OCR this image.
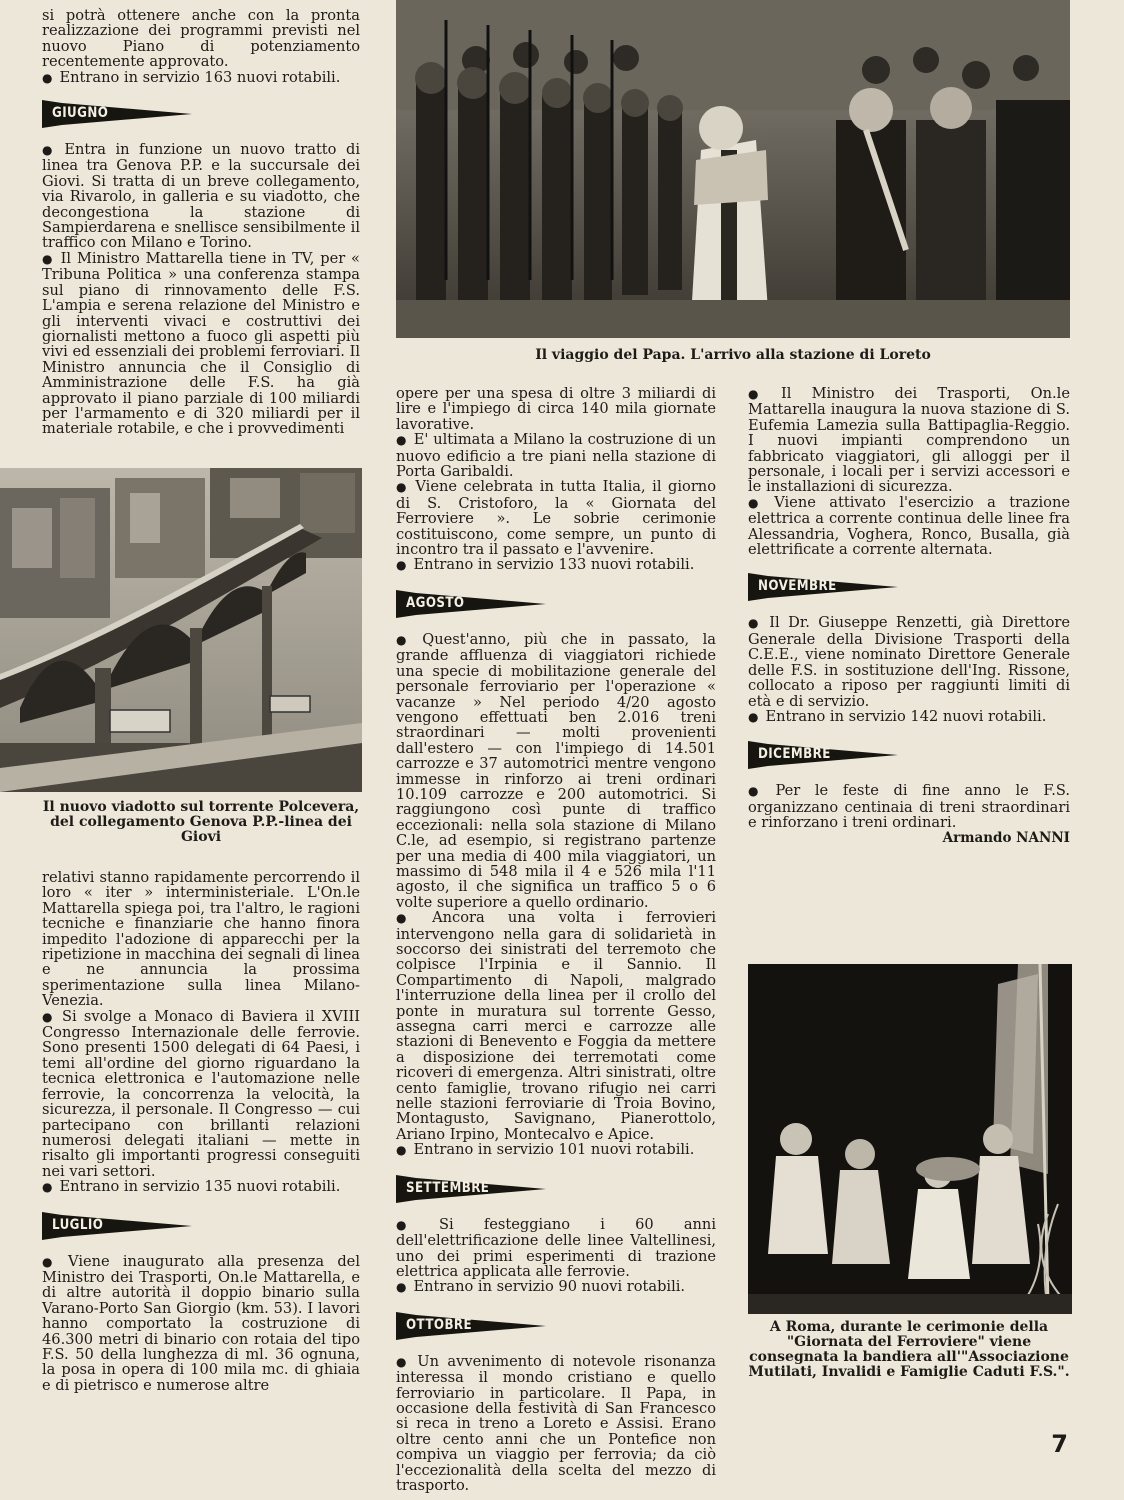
si potrà ottenere anche con la pronta realizzazione dei programmi previsti nel nuovo Piano di potenziamento recentemente approvato.

● Entrano in servizio 163 nuovi rotabili.

GIUGNO

● Entra in funzione un nuovo tratto di linea tra Genova P.P. e la succursale dei Giovi. Si tratta di un breve collegamento, via Rivarolo, in galleria e su viadotto, che decongestiona la stazione di Sampierdarena e snellisce sensibilmente il traffico con Milano e Torino.

● Il Ministro Mattarella tiene in TV, per « Tribuna Politica » una conferenza stampa sul piano di rinnovamento delle F.S. L'ampia e serena relazione del Ministro e gli interventi vivaci e costruttivi dei giornalisti mettono a fuoco gli aspetti più vivi ed essenziali dei problemi ferroviari. Il Ministro annuncia che il Consiglio di Amministrazione delle F.S. ha già approvato il piano parziale di 100 miliardi per l'armamento e di 320 miliardi per il materiale rotabile, e che i provvedimenti

Il nuovo viadotto sul torrente Polcevera, del collegamento Genova P.P.-linea dei Giovi

relativi stanno rapidamente percorrendo il loro « iter » interministeriale. L'On.le Mattarella spiega poi, tra l'altro, le ragioni tecniche e finanziarie che hanno finora impedito l'adozione di apparecchi per la ripetizione in macchina dei segnali di linea e ne annuncia la prossima sperimentazione sulla linea Milano-Venezia.

● Si svolge a Monaco di Baviera il XVIII Congresso Internazionale delle ferrovie. Sono presenti 1500 delegati di 64 Paesi, i temi all'ordine del giorno riguardano la tecnica elettronica e l'automazione nelle ferrovie, la concorrenza la velocità, la sicurezza, il personale. Il Congresso — cui partecipano con brillanti relazioni numerosi delegati italiani — mette in risalto gli importanti progressi conseguiti nei vari settori.

● Entrano in servizio 135 nuovi rotabili.

LUGLIO

● Viene inaugurato alla presenza del Ministro dei Trasporti, On.le Mattarella, e di altre autorità il doppio binario sulla Varano-Porto San Giorgio (km. 53). I lavori hanno comportato la costruzione di 46.300 metri di binario con rotaia del tipo F.S. 50 della lunghezza di ml. 36 ognuna, la posa in opera di 100 mila mc. di ghiaia e di pietrisco e numerose altre

Il viaggio del Papa. L'arrivo alla stazione di Loreto

opere per una spesa di oltre 3 miliardi di lire e l'impiego di circa 140 mila giornate lavorative.

● E' ultimata a Milano la costruzione di un nuovo edificio a tre piani nella stazione di Porta Garibaldi.

● Viene celebrata in tutta Italia, il giorno di S. Cristoforo, la « Giornata del Ferroviere ». Le sobrie cerimonie costituiscono, come sempre, un punto di incontro tra il passato e l'avvenire.

● Entrano in servizio 133 nuovi rotabili.

AGOSTO

● Quest'anno, più che in passato, la grande affluenza di viaggiatori richiede una specie di mobilitazione generale del personale ferroviario per l'operazione « vacanze » Nel periodo 4/20 agosto vengono effettuati ben 2.016 treni straordinari — molti provenienti dall'estero — con l'impiego di 14.501 carrozze e 37 automotrici mentre vengono immesse in rinforzo ai treni ordinari 10.109 carrozze e 200 automotrici. Si raggiungono così punte di traffico eccezionali: nella sola stazione di Milano C.le, ad esempio, si registrano partenze per una media di 400 mila viaggiatori, un massimo di 548 mila il 4 e 526 mila l'11 agosto, il che significa un traffico 5 o 6 volte superiore a quello ordinario.

● Ancora una volta i ferrovieri intervengono nella gara di solidarietà in soccorso dei sinistrati del terremoto che colpisce l'Irpinia e il Sannio. Il Compartimento di Napoli, malgrado l'interruzione della linea per il crollo del ponte in muratura sul torrente Gesso, assegna carri merci e carrozze alle stazioni di Benevento e Foggia da mettere a disposizione dei terremotati come ricoveri di emergenza. Altri sinistrati, oltre cento famiglie, trovano rifugio nei carri nelle stazioni ferroviarie di Troia Bovino, Montagusto, Savignano, Pianerottolo, Ariano Irpino, Montecalvo e Apice.

● Entrano in servizio 101 nuovi rotabili.

SETTEMBRE

● Si festeggiano i 60 anni dell'elettrificazione delle linee Valtellinesi, uno dei primi esperimenti di trazione elettrica applicata alle ferrovie.

● Entrano in servizio 90 nuovi rotabili.

OTTOBRE

● Un avvenimento di notevole risonanza interessa il mondo cristiano e quello ferroviario in particolare. Il Papa, in occasione della festività di San Francesco si reca in treno a Loreto e Assisi. Erano oltre cento anni che un Pontefice non compiva un viaggio per ferrovia; da ciò l'eccezionalità della scelta del mezzo di trasporto.

● Il Ministro dei Trasporti, On.le Mattarella inaugura la nuova stazione di S. Eufemia Lamezia sulla Battipaglia-Reggio. I nuovi impianti comprendono un fabbricato viaggiatori, gli alloggi per il personale, i locali per i servizi accessori e le installazioni di sicurezza.

● Viene attivato l'esercizio a trazione elettrica a corrente continua delle linee fra Alessandria, Voghera, Ronco, Busalla, già elettrificate a corrente alternata.

NOVEMBRE

● Il Dr. Giuseppe Renzetti, già Direttore Generale della Divisione Trasporti della C.E.E., viene nominato Direttore Generale delle F.S. in sostituzione dell'Ing. Rissone, collocato a riposo per raggiunti limiti di età e di servizio.

● Entrano in servizio 142 nuovi rotabili.

DICEMBRE

● Per le feste di fine anno le F.S. organizzano centinaia di treni straordinari e rinforzano i treni ordinari.

Armando NANNI

A Roma, durante le cerimonie della "Giornata del Ferroviere" viene consegnata la bandiera all'"Associazione Mutilati, Invalidi e Famiglie Caduti F.S.".
7
